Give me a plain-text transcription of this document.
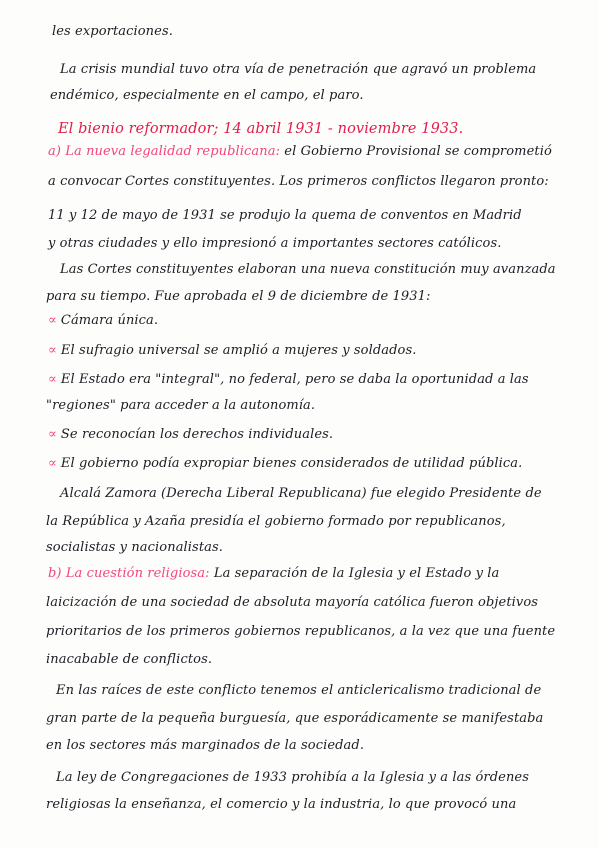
les exportaciones.
La crisis mundial tuvo otra vía de penetración que agravó un problema
endémico, especialmente en el campo, el paro.
El bienio reformador; 14 abril 1931 - noviembre 1933.
a) La nueva legalidad republicana: el Gobierno Provisional se comprometió
a convocar Cortes constituyentes. Los primeros conflictos llegaron pronto:
11 y 12 de mayo de 1931 se produjo la quema de conventos en Madrid
y otras ciudades y ello impresionó a importantes sectores católicos.
Las Cortes constituyentes elaboran una nueva constitución muy avanzada
para su tiempo. Fue aprobada el 9 de diciembre de 1931:
∝ Cámara única.
∝ El sufragio universal se amplió a mujeres y soldados.
∝ El Estado era "integral", no federal, pero se daba la oportunidad a las
"regiones" para acceder a la autonomía.
∝ Se reconocían los derechos individuales.
∝ El gobierno podía expropiar bienes considerados de utilidad pública.
Alcalá Zamora (Derecha Liberal Republicana) fue elegido Presidente de
la República y Azaña presidía el gobierno formado por republicanos,
socialistas y nacionalistas.
b) La cuestión religiosa: La separación de la Iglesia y el Estado y la
laicización de una sociedad de absoluta mayoría católica fueron objetivos
prioritarios de los primeros gobiernos republicanos, a la vez que una fuente
inacabable de conflictos.
En las raíces de este conflicto tenemos el anticlericalismo tradicional de
gran parte de la pequeña burguesía, que esporádicamente se manifestaba
en los sectores más marginados de la sociedad.
La ley de Congregaciones de 1933 prohibía a la Iglesia y a las órdenes
religiosas la enseñanza, el comercio y la industria, lo que provocó una
